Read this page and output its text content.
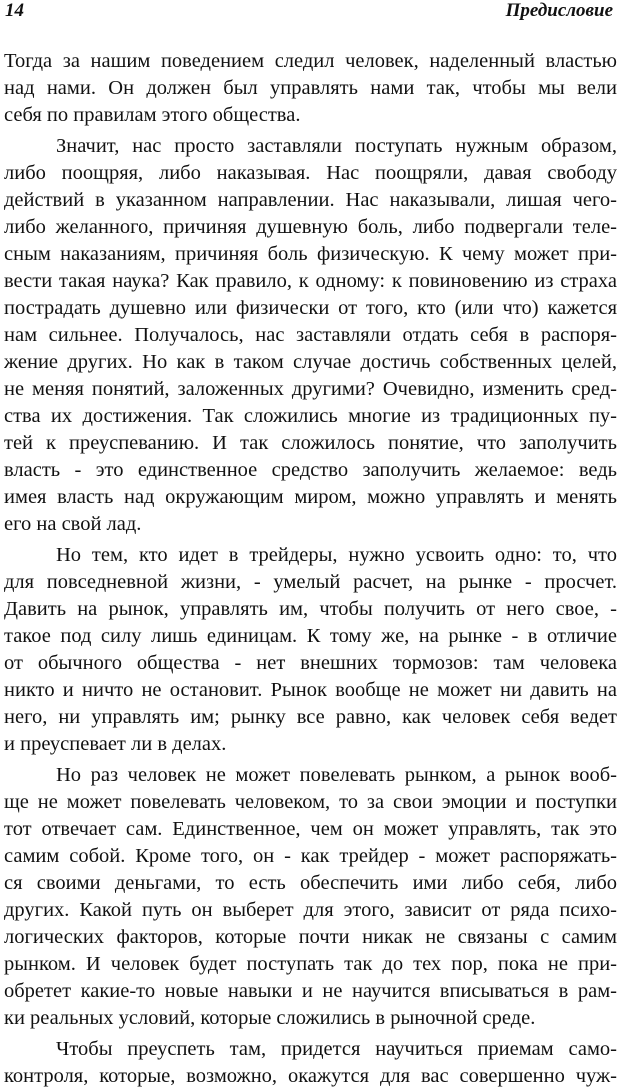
14	Предисловие
Тогда за нашим поведением следил человек, наделенный властью
над нами. Он должен был управлять нами так, чтобы мы вели
себя по правилам этого общества.
Значит, нас просто заставляли поступать нужным образом,
либо поощряя, либо наказывая. Нас поощряли, давая свободу
действий в указанном направлении. Нас наказывали, лишая чего-
либо желанного, причиняя душевную боль, либо подвергали теле-
сным наказаниям, причиняя боль физическую. К чему может при-
вести такая наука? Как правило, к одному: к повиновению из страха
пострадать душевно или физически от того, кто (или что) кажется
нам сильнее. Получалось, нас заставляли отдать себя в распоря-
жение других. Но как в таком случае достичь собственных целей,
не меняя понятий, заложенных другими? Очевидно, изменить сред-
ства их достижения. Так сложились многие из традиционных пу-
тей к преуспеванию. И так сложилось понятие, что заполучить
власть - это единственное средство заполучить желаемое: ведь
имея власть над окружающим миром, можно управлять и менять
его на свой лад.
Но тем, кто идет в трейдеры, нужно усвоить одно: то, что
для повседневной жизни, - умелый расчет, на рынке - просчет.
Давить на рынок, управлять им, чтобы получить от него свое, -
такое под силу лишь единицам. К тому же, на рынке - в отличие
от обычного общества - нет внешних тормозов: там человека
никто и ничто не остановит. Рынок вообще не может ни давить на
него, ни управлять им; рынку все равно, как человек себя ведет
и преуспевает ли в делах.
Но раз человек не может повелевать рынком, а рынок вооб-
ще не может повелевать человеком, то за свои эмоции и поступки
тот отвечает сам. Единственное, чем он может управлять, так это
самим собой. Кроме того, он - как трейдер - может распоряжать-
ся своими деньгами, то есть обеспечить ими либо себя, либо
других. Какой путь он выберет для этого, зависит от ряда психо-
логических факторов, которые почти никак не связаны с самим
рынком. И человек будет поступать так до тех пор, пока не при-
обретет какие-то новые навыки и не научится вписываться в рам-
ки реальных условий, которые сложились в рыночной среде.
Чтобы преуспеть там, придется научиться приемам само-
контроля, которые, возможно, окажутся для вас совершенно чуж-
